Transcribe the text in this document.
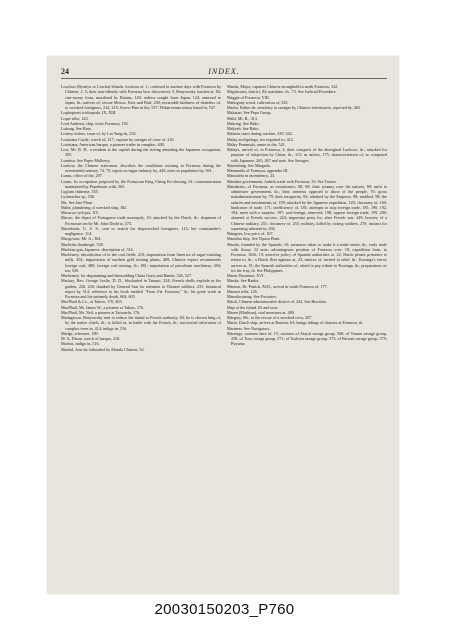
24	INDEX.
Loochoo (Ryukyu or Liuchu) Islands, location of, 1; confused in ancient days with Formosa by Chinese, 2, 5; their non-identity with Formosa how discovered, 5; Benyowsky touches at, 84; cast-aways from, murdered by Botans, 120; redress sought from Japan, 124; annexed to Japan, ib.; natives of, rescue Messrs. Kerr and Bird, 200; invariable kindness of islanders of, to wrecked foreigners, 214, 215; Screw-Pine in the, 537; Wikstroemia retusa found in, 547.
Lophopteris trichopoda, IX, XIII.
Lopei tribe, 143.
Lord Amherst, ship, visits Formosa, 102.
Lukong. See Rato.
Lottery tickets, issue of, by Liu Yung-fu, 252.
Louisiana Castle, wreck of, 217; capture by savages of crew of, 216.
Louisiana, American barque, a pioneer trader in camphor, 400.
Low, Mr. R. H., a resident at the capital during the rioting attending the Japanese occupation, 305.
Lumitsu. See Paper Mulberry.
Luchow, the Chinese statesman, describes the conditions existing in Formosa during the seventeenth century, 74, 75; report on sugar industry by, 445; note on population by, 561.
Lunsu, office of the, 207.
Lunsu, its occupation proposed by the Formosan King Cheng Ko-shwang, 61; communication maintained by Pepohoans with, 563.
Lygium chinense, 535.
Lysimachia sp., 536.
Ma. See Jute Plant.
Mabe, plundering of wrecked ship, 182.
Macaroa cyclopis, XV.
Macao, the depot of Portuguese trade monopoly, 10; attacked by the Dutch, ib.; shipment of Formosan tea by Mr. John Dodd to, 373.
Macedonia, U. S. S., sent to search for shipwrecked foreigners, 113; her commander's negligence, 114.
Macgowan, Mr. A., 364.
Machilus thunbergii, 538.
Machine gun, Japanese, description of, 316.
Machinery, introduction of in the coal fields, 210; importation from America of sugar-crushing mills, 454; importation of modern gold mining plants, 469; Chinese expert recommends foreign coal, 480; foreign coal mining, ib.; 481; importation of petroleum machinery, 494; tea, 539.
Machinery, for degumming and demoulding China Grass and Ramie, 526, 527.
Mackay, Rev. George Leslie, D. D., blockaded in Tamsui, 224; French shells explode in his garden, 226, 230; thanked by General Sun for attention to Chinese soldiers, 231; botanical report by 514; reference to his book entitled "From Far Formosa," ib.; his great work in Formosa and his untimely death, 604, 605.
MacPhail & Co., at Takow, 176, 403.
MacPhail, Mr. James W., a pioneer at Takow, 176.
MacPhail, Mr. Neil, a pioneer at Taiwanfu, 176.
Madagascar, Benyowsky sent to reduce the island to French authority, 84; he is chosen king of, by the native chiefs, ib.; is killed at, in battle with the French, ib.; successful cultivation of camphor trees in, 414; indigo in, 516.
Madge, schooner, 189.
M. A. Dixon, wreck of barque, 218.
Madras, indigo in, 516.
Madrid, Jose de, beheaded by Manila Chinese, 52.
Maeda, Major, captures Chinese stronghold in north Formosa, 332.
Magistrates, district, 84; maritime, ib., 73. See Judicial Procedure.
Maggie of Formosa, VIII.
Mahogany wood, cultivation of, 543.
Maitia, Father de, treachery to savages by Chinese adventurers, reported by, 463.
Makatao. See Pepo Group.
Mahl, Mr. R., 313.
Makong. See Bako.
Makyeh. See Bako.
Malaria cases during warfare, 339, 342.
Malay archipelago, tea exported to, 412.
Malay Peninsula, ramie in the, 521.
Malays, arrival of, in Formosa, 2; their conquest of the aboriginal Luchoos, ib.; attacked for purpose of subjection by China, ib.; 115; as sailors, 175, characterization of, as compared with Japanese, 265, 267 and note. See Savages.
Mamishing. See Margeda.
Mammalia of Formosa, appendix III.
Mamoleta in ascendency, 23.
Mandate government, forbids trade with Formosa, 33. See Tartars.
Mandarins, of Formosa, as extortioners, 68, 69; their tyranny over the natives, 69; unfit to administer government, ib.; their interests opposed to those of the people, 70; gross maladministration by, 79; their incapacity, 92; rebuked by the Emperor, 98; mobbed, 98; the salaries and emoluments of, 109; attacked by the Japanese expedition, 120; chicanery of, 160; hindrance of trade, 171; inefficiency of, 181; attempts to stop foreign trade, 185, 190, 192, 194; meet with a surprise, 197; anti-foreign, removed, 198; oppose foreign trade, 199, 200; alarmed at French success, 224; important posts for, after French war, 249; bravery of a Chinese military, 251; chicanery of, 255; military, killed by rioting soldiers, 270; instinct for squeezing inherent in, 436.
Mangoes, low price of, 107.
Manobat ship. See Tipasu Plant.
Manila, founded by the Spanish, 10; measures taken to make it a trade-center, ib.; early trade with Amoy, 12 note; advantageous position of Formosa over, 18; expedition from, to Formosa, 1626, 19; aversive policy of Spanish authorities at, 22; Dutch permit prisoners to return to, ib.; a Dutch fleet appears at, 23; natives of, invited to rebel, ib.; Koxinga's envoy arrives at, 51; the Spanish authorities of, afraid to pay tribute to Koxinga, ib.; preparations at, for the fray, ib. See Philippines.
Manis Dasuanoi, XVI.
Manka. See Banka.
Manson, Dr. Patrick, M.D., arrival in south Formosa of, 177.
Manuoi tribe, 145.
Manufacturing. See Factories.
Maoli, Chinese administrative district of, 244. See Biorishu.
Map of the island, 63 and note.
Maren (Madison), coal measures at, 480.
Margary, Mr., to the rescue of a wrecked crew, 207.
Maria, Dutch ship, arrives at Batavia, 63; brings tidings of disaster at Formosa, ib.
Mariners. See Navigators.
Marriage, customs here of, 15; customs of Atayal savage group, 568; of Vonum savage group, 259; of Tsou savage group, 571; of Tsalisen savage group, 573; of Paiwan savage group, 575; Puyuma
20030150203_P760
